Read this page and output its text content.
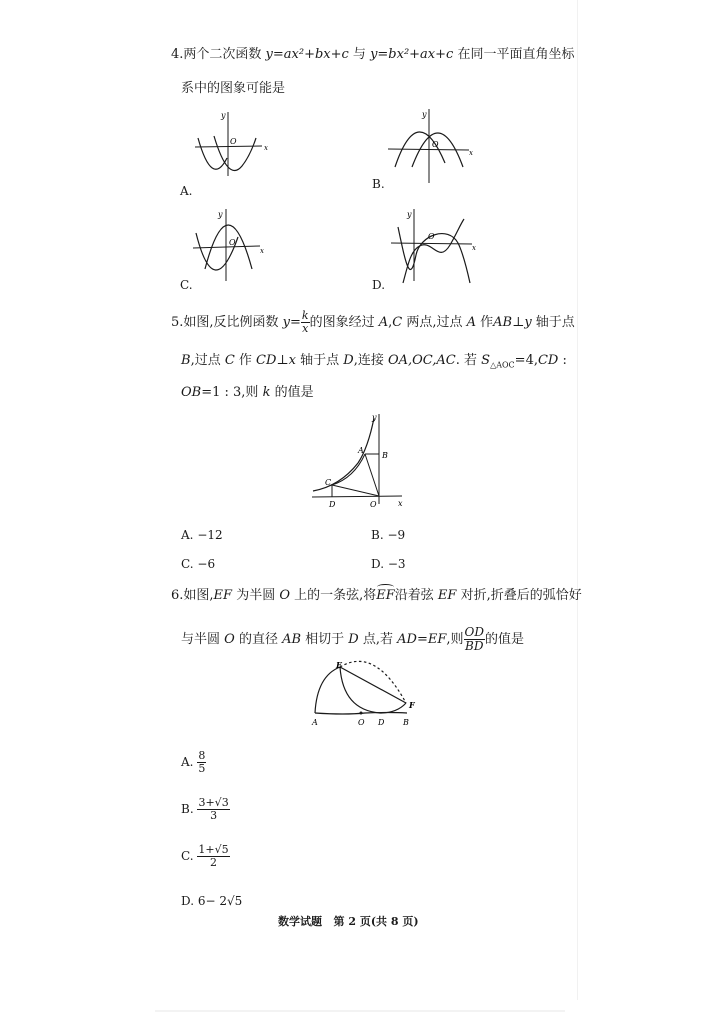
4.两个二次函数 y=ax²+bx+c 与 y=bx²+ax+c 在同一平面直角坐标
系中的图象可能是
y
x
O
A.
y
x
O
B.
y
x
O
C.
y
x
O
D.
5.如图,反比例函数 $y= \frac{k}{x}$ 的图象经过 A,C 两点,过点 A 作AB⊥y 轴于点
B,过点 C 作 CD⊥x 轴于点 D,连接 OA,OC,AC. 若 $S_{\triangle AOC}=4,CD$ :
OB=1 : 3,则 k 的值是
y
x
A
B
C
D	O
A. −12	B. −9
C. −6	D. −3
6.如图,EF 为半圆 O 上的一条弦,将EF沿着弦 EF 对折,折叠后的弧恰好
与半圆 O 的直径 AB 相切于 D 点,若 AD=EF,则 $\frac{OD}{BD}$ 的值是
E
F
A	O D B
A. $\frac{8}{5}$
B. $\frac{3+√3}{3}$
C. $\frac{1+√5}{2}$
D. 6− 2√5
数学试题 第 2 页(共 8 页)
